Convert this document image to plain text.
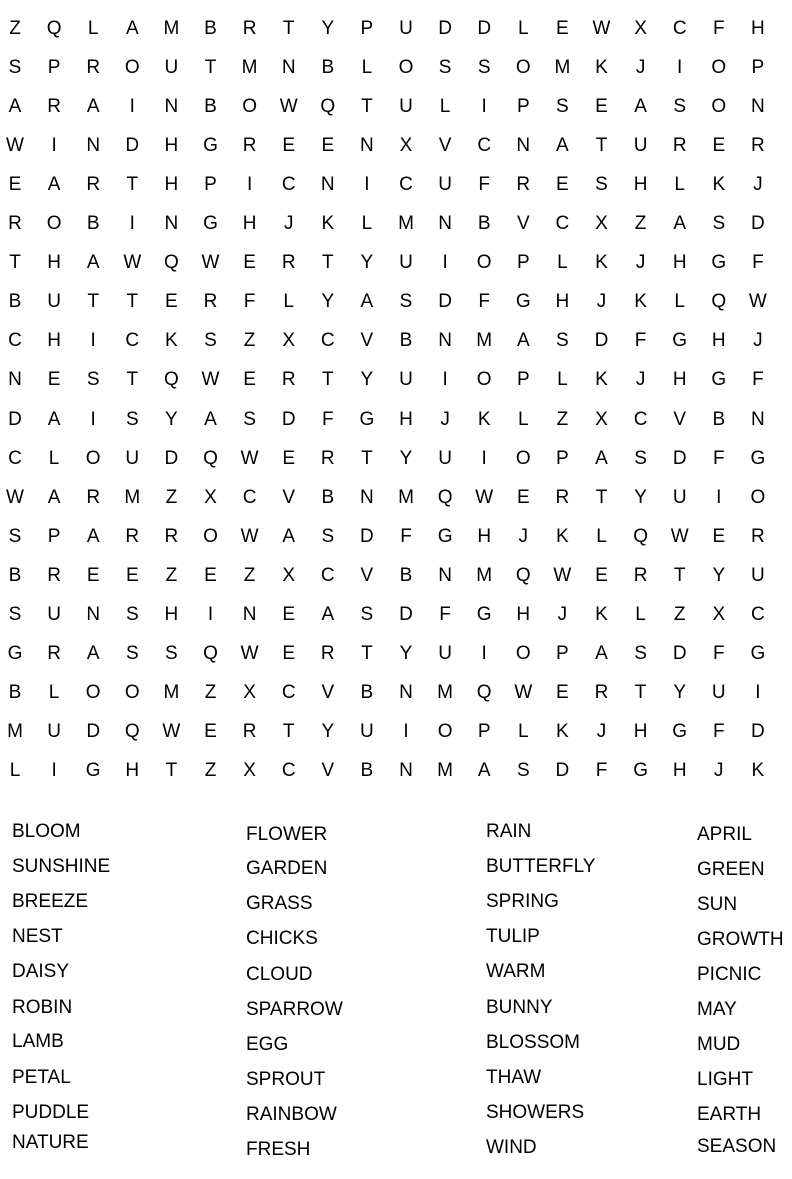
Z	Q	L	A	M	B	R	T	Y	P	U	D	D	L	E	W	X	C	F	H
S	P	R	O	U	T	M	N	B	L	O	S	S	O	M	K	J	I	O	P
A	R	A	I	N	B	O	W	Q	T	U	L	I	P	S	E	A	S	O	N
W	I	N	D	H	G	R	E	E	N	X	V	C	N	A	T	U	R	E	R
E	A	R	T	H	P	I	C	N	I	C	U	F	R	E	S	H	L	K	J
R	O	B	I	N	G	H	J	K	L	M	N	B	V	C	X	Z	A	S	D
T	H	A	W	Q	W	E	R	T	Y	U	I	O	P	L	K	J	H	G	F
B	U	T	T	E	R	F	L	Y	A	S	D	F	G	H	J	K	L	Q	W
C	H	I	C	K	S	Z	X	C	V	B	N	M	A	S	D	F	G	H	J
N	E	S	T	Q	W	E	R	T	Y	U	I	O	P	L	K	J	H	G	F
D	A	I	S	Y	A	S	D	F	G	H	J	K	L	Z	X	C	V	B	N
C	L	O	U	D	Q	W	E	R	T	Y	U	I	O	P	A	S	D	F	G
W	A	R	M	Z	X	C	V	B	N	M	Q	W	E	R	T	Y	U	I	O
S	P	A	R	R	O	W	A	S	D	F	G	H	J	K	L	Q	W	E	R
B	R	E	E	Z	E	Z	X	C	V	B	N	M	Q	W	E	R	T	Y	U
S	U	N	S	H	I	N	E	A	S	D	F	G	H	J	K	L	Z	X	C
G	R	A	S	S	Q	W	E	R	T	Y	U	I	O	P	A	S	D	F	G
B	L	O	O	M	Z	X	C	V	B	N	M	Q	W	E	R	T	Y	U	I
M	U	D	Q	W	E	R	T	Y	U	I	O	P	L	K	J	H	G	F	D
L	I	G	H	T	Z	X	C	V	B	N	M	A	S	D	F	G	H	J	K
BLOOM
SUNSHINE
BREEZE
NEST
DAISY
ROBIN
LAMB
PETAL
PUDDLE
NATURE
FLOWER
GARDEN
GRASS
CHICKS
CLOUD
SPARROW
EGG
SPROUT
RAINBOW
FRESH
RAIN
BUTTERFLY
SPRING
TULIP
WARM
BUNNY
BLOSSOM
THAW
SHOWERS
WIND
APRIL
GREEN
SUN
GROWTH
PICNIC
MAY
MUD
LIGHT
EARTH
SEASON
